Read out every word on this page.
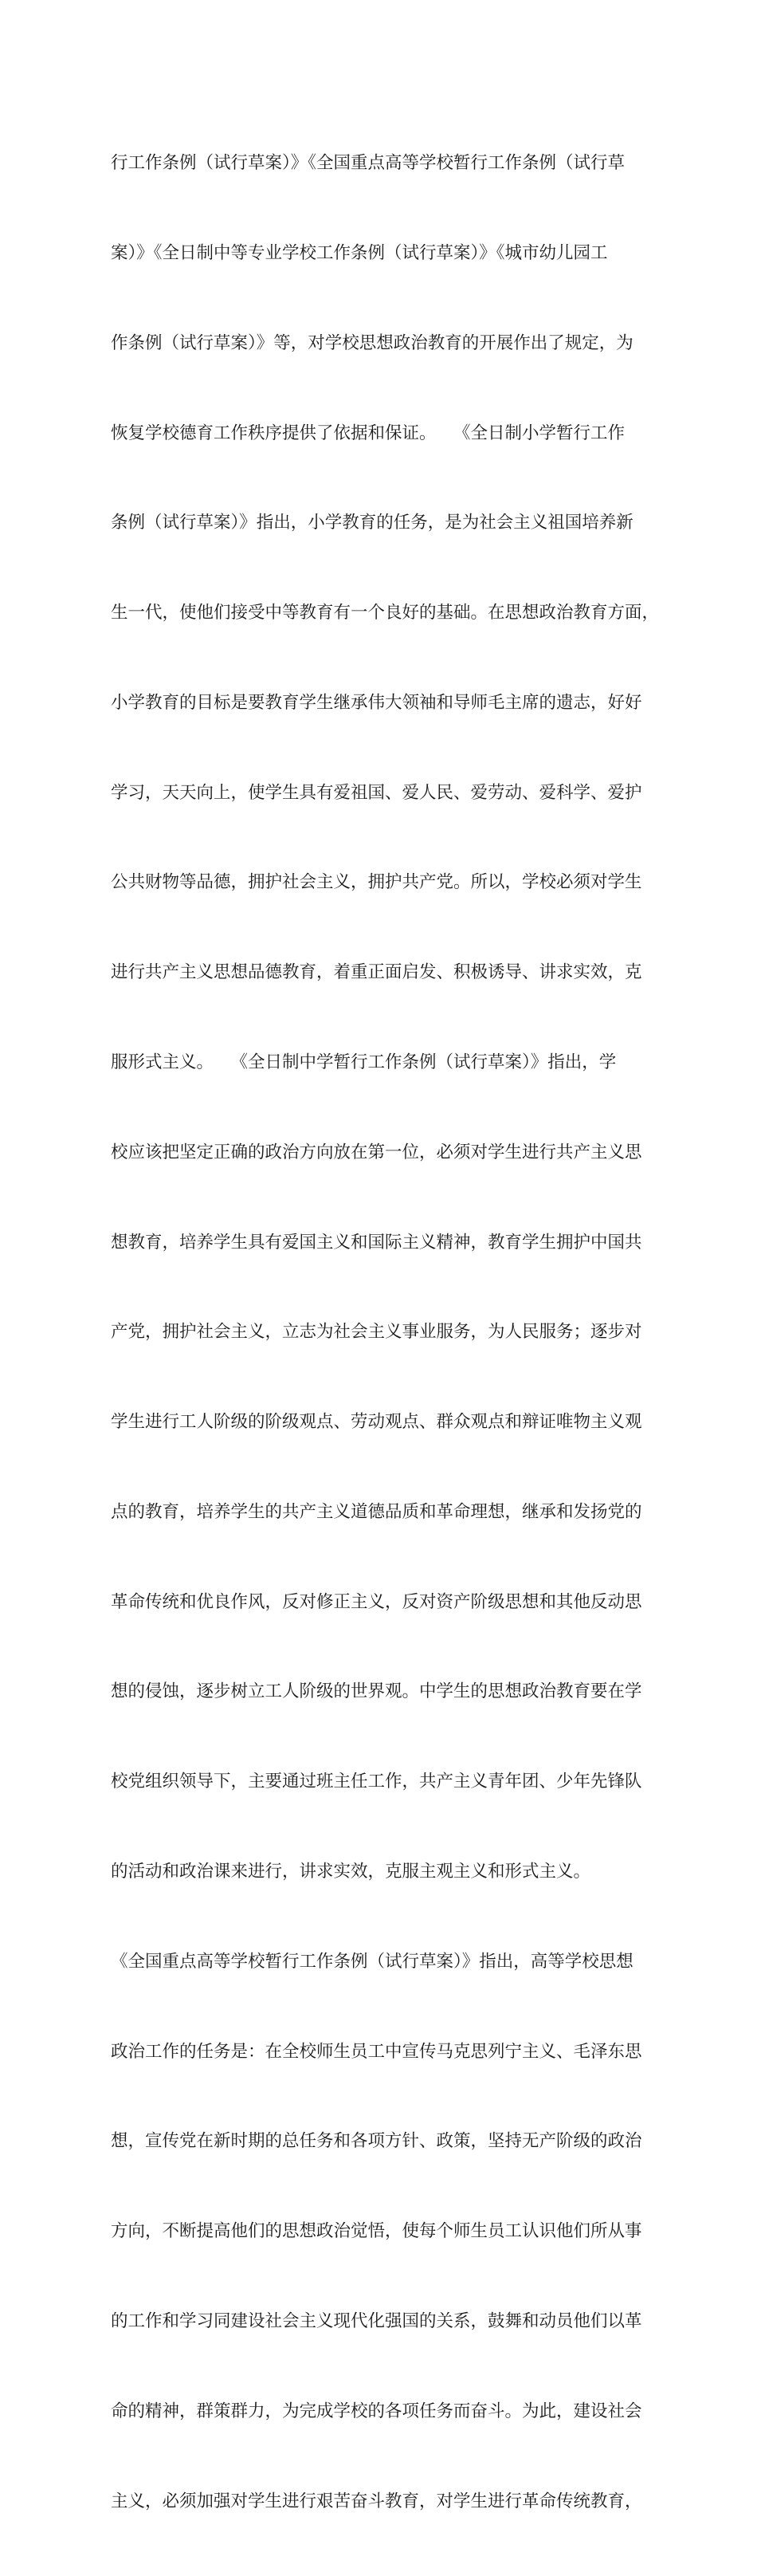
行工作条例（试行草案）》《全国重点高等学校暂行工作条例（试行草

案）》《全日制中等专业学校工作条例（试行草案）》《城市幼儿园工

作条例（试行草案）》等，对学校思想政治教育的开展作出了规定，为

恢复学校德育工作秩序提供了依据和保证。　　《全日制小学暂行工作

条例（试行草案）》指出，小学教育的任务，是为社会主义祖国培养新

生一代，使他们接受中等教育有一个良好的基础。在思想政治教育方面，

小学教育的目标是要教育学生继承伟大领袖和导师毛主席的遗志，好好

学习，天天向上，使学生具有爱祖国、爱人民、爱劳动、爱科学、爱护

公共财物等品德，拥护社会主义，拥护共产党。所以，学校必须对学生

进行共产主义思想品德教育，着重正面启发、积极诱导、讲求实效，克

服形式主义。　　《全日制中学暂行工作条例（试行草案）》指出，学

校应该把坚定正确的政治方向放在第一位，必须对学生进行共产主义思

想教育，培养学生具有爱国主义和国际主义精神，教育学生拥护中国共

产党，拥护社会主义，立志为社会主义事业服务，为人民服务；逐步对

学生进行工人阶级的阶级观点、劳动观点、群众观点和辩证唯物主义观

点的教育，培养学生的共产主义道德品质和革命理想，继承和发扬党的

革命传统和优良作风，反对修正主义，反对资产阶级思想和其他反动思

想的侵蚀，逐步树立工人阶级的世界观。中学生的思想政治教育要在学

校党组织领导下，主要通过班主任工作，共产主义青年团、少年先锋队

的活动和政治课来进行，讲求实效，克服主观主义和形式主义。

《全国重点高等学校暂行工作条例（试行草案）》指出，高等学校思想

政治工作的任务是：在全校师生员工中宣传马克思列宁主义、毛泽东思

想，宣传党在新时期的总任务和各项方针、政策，坚持无产阶级的政治

方向，不断提高他们的思想政治觉悟，使每个师生员工认识他们所从事

的工作和学习同建设社会主义现代化强国的关系，鼓舞和动员他们以革

命的精神，群策群力，为完成学校的各项任务而奋斗。为此，建设社会

主义，必须加强对学生进行艰苦奋斗教育，对学生进行革命传统教育，
